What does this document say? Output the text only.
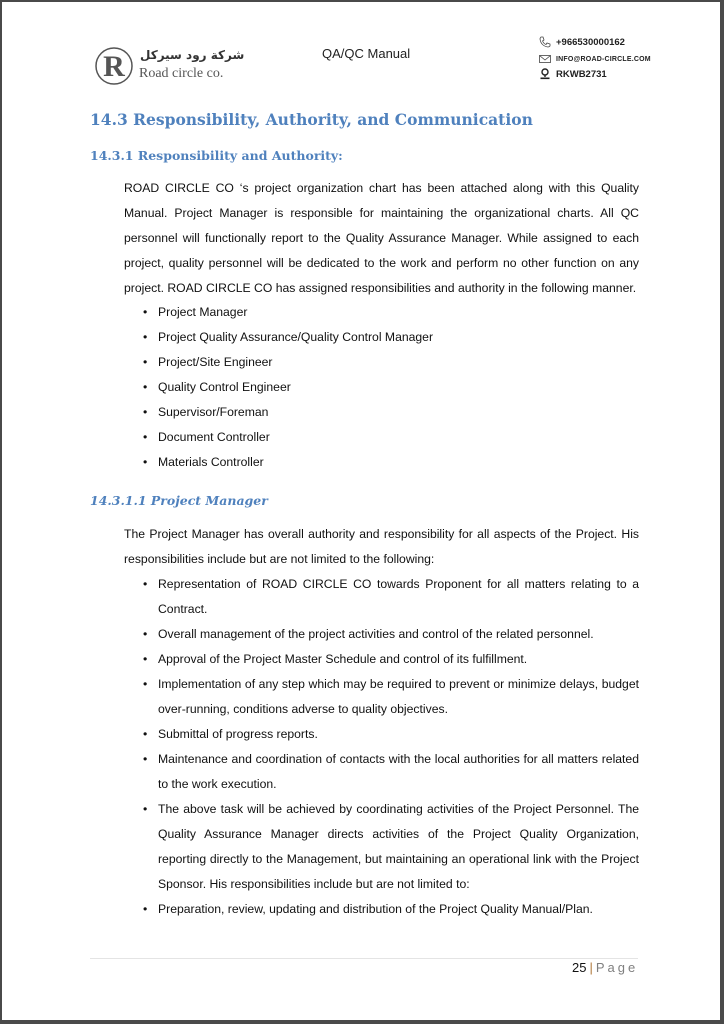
R شركة رود سيركل
Road circle co.
QA/QC Manual
+966530000162
INFO@ROAD-CIRCLE.COM
RKWB2731
14.3 Responsibility, Authority, and Communication
14.3.1 Responsibility and Authority:
ROAD CIRCLE CO ‘s project organization chart has been attached along with this Quality Manual. Project Manager is responsible for maintaining the organizational charts. All QC personnel will functionally report to the Quality Assurance Manager. While assigned to each project, quality personnel will be dedicated to the work and perform no other function on any project. ROAD CIRCLE CO has assigned responsibilities and authority in the following manner.
• Project Manager
• Project Quality Assurance/Quality Control Manager
• Project/Site Engineer
• Quality Control Engineer
• Supervisor/Foreman
• Document Controller
• Materials Controller
14.3.1.1 Project Manager
The Project Manager has overall authority and responsibility for all aspects of the Project. His responsibilities include but are not limited to the following:
• Representation of ROAD CIRCLE CO towards Proponent for all matters relating to a Contract.
• Overall management of the project activities and control of the related personnel.
• Approval of the Project Master Schedule and control of its fulfillment.
• Implementation of any step which may be required to prevent or minimize delays, budget over-running, conditions adverse to quality objectives.
• Submittal of progress reports.
• Maintenance and coordination of contacts with the local authorities for all matters related to the work execution.
• The above task will be achieved by coordinating activities of the Project Personnel. The Quality Assurance Manager directs activities of the Project Quality Organization, reporting directly to the Management, but maintaining an operational link with the Project Sponsor. His responsibilities include but are not limited to:
• Preparation, review, updating and distribution of the Project Quality Manual/Plan.
25 | Page
